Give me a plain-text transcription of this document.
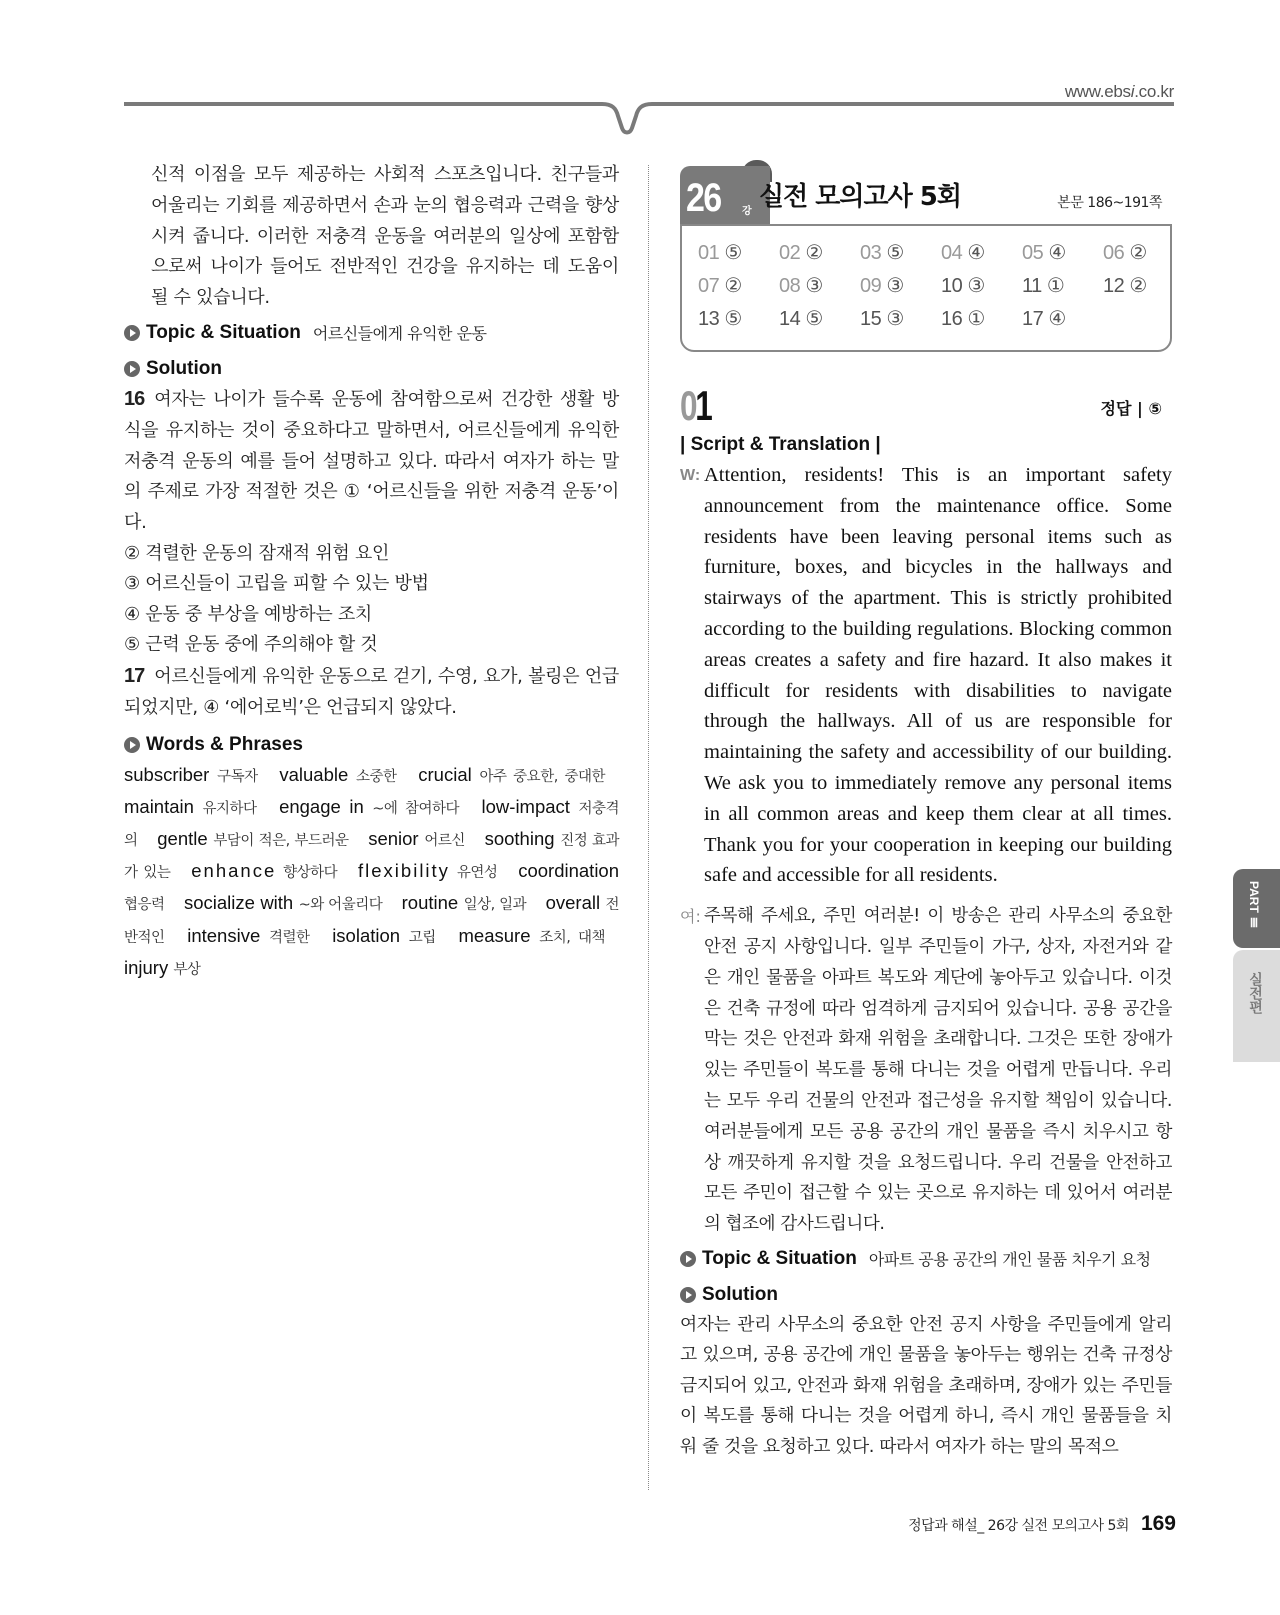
www.ebsi.co.kr

신적 이점을 모두 제공하는 사회적 스포츠입니다. 친구들과 어울리는 기회를 제공하면서 손과 눈의 협응력과 근력을 향상시켜 줍니다. 이러한 저충격 운동을 여러분의 일상에 포함함으로써 나이가 들어도 전반적인 건강을 유지하는 데 도움이 될 수 있습니다.

Topic & Situation 어르신들에게 유익한 운동
Solution

16 여자는 나이가 들수록 운동에 참여함으로써 건강한 생활 방식을 유지하는 것이 중요하다고 말하면서, 어르신들에게 유익한 저충격 운동의 예를 들어 설명하고 있다. 따라서 여자가 하는 말의 주제로 가장 적절한 것은 ① ‘어르신들을 위한 저충격 운동’이다.

② 격렬한 운동의 잠재적 위험 요인
③ 어르신들이 고립을 피할 수 있는 방법
④ 운동 중 부상을 예방하는 조치
⑤ 근력 운동 중에 주의해야 할 것

17 어르신들에게 유익한 운동으로 걷기, 수영, 요가, 볼링은 언급되었지만, ④ ‘에어로빅’은 언급되지 않았다.

Words & Phrases
subscriber 구독자 valuable 소중한 crucial 아주 중요한, 중대한 maintain 유지하다 engage in ~에 참여하다 low-impact 저충격의 gentle 부담이 적은, 부드러운 senior 어르신 soothing 진정 효과가 있는 enhance 향상하다 flexibility 유연성 coordination 협응력 socialize with ~와 어울리다 routine 일상, 일과 overall 전반적인 intensive 격렬한 isolation 고립 measure 조치, 대책 injury 부상
26 강 실전 모의고사 5회	본문 186~191쪽
01 ⑤	02 ②	03 ⑤	04 ④	05 ④	06 ②
07 ②	08 ③	09 ③	10 ③	11 ①	12 ②
13 ⑤	14 ⑤	15 ③	16 ①	17 ④
01	정답 | ⑤
| Script & Translation |
W: Attention, residents! This is an important safety announcement from the maintenance office. Some residents have been leaving personal items such as furniture, boxes, and bicycles in the hallways and stairways of the apartment. This is strictly prohibited according to the building regulations. Blocking common areas creates a safety and fire hazard. It also makes it difficult for residents with disabilities to navigate through the hallways. All of us are responsible for maintaining the safety and accessibility of our building. We ask you to immediately remove any personal items in all common areas and keep them clear at all times. Thank you for your cooperation in keeping our building safe and accessible for all residents.

여: 주목해 주세요, 주민 여러분! 이 방송은 관리 사무소의 중요한 안전 공지 사항입니다. 일부 주민들이 가구, 상자, 자전거와 같은 개인 물품을 아파트 복도와 계단에 놓아두고 있습니다. 이것은 건축 규정에 따라 엄격하게 금지되어 있습니다. 공용 공간을 막는 것은 안전과 화재 위험을 초래합니다. 그것은 또한 장애가 있는 주민들이 복도를 통해 다니는 것을 어렵게 만듭니다. 우리는 모두 우리 건물의 안전과 접근성을 유지할 책임이 있습니다. 여러분들에게 모든 공용 공간의 개인 물품을 즉시 치우시고 항상 깨끗하게 유지할 것을 요청드립니다. 우리 건물을 안전하고 모든 주민이 접근할 수 있는 곳으로 유지하는 데 있어서 여러분의 협조에 감사드립니다.

Topic & Situation 아파트 공용 공간의 개인 물품 치우기 요청
Solution

여자는 관리 사무소의 중요한 안전 공지 사항을 주민들에게 알리고 있으며, 공용 공간에 개인 물품을 놓아두는 행위는 건축 규정상 금지되어 있고, 안전과 화재 위험을 초래하며, 장애가 있는 주민들이 복도를 통해 다니는 것을 어렵게 하니, 즉시 개인 물품들을 치워 줄 것을 요청하고 있다. 따라서 여자가 하는 말의 목적으

PART Ⅲ
실전편
정답과 해설_ 26강 실전 모의고사 5회 169
